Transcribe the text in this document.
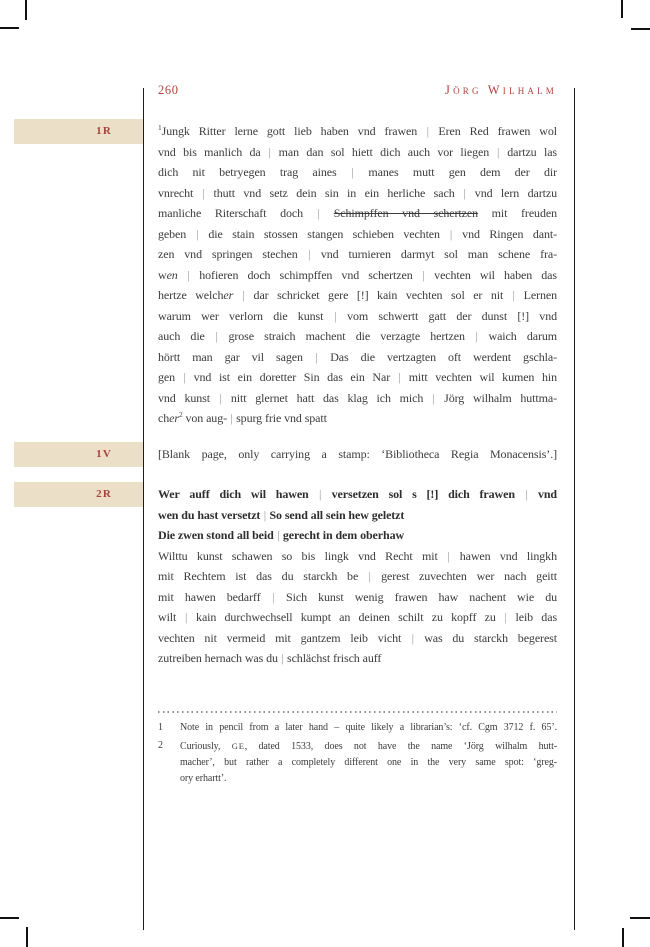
260	Jörg Wilhalm
1R	$^1$Jungk Ritter lerne gott lieb haben vnd frawen | Eren Red frawen wol
vnd bis manlich da | man dan sol hiett dich auch vor liegen | dartzu las
dich nit betryegen trag aines | manes mutt gen dem der dir
vnrecht | thutt vnd setz dein sin in ein herliche sach | vnd lern dartzu
manliche Riterschaft doch | Schimpffen vnd schertzen mit freuden
geben | die stain stossen stangen schieben vechten | vnd Ringen dant-
zen vnd springen stechen | vnd turnieren darmyt sol man schene fra-
wen | hofieren doch schimpffen vnd schertzen | vechten wil haben das
hertze welcher | dar schricket gere [!] kain vechten sol er nit | Lernen
warum wer verlorn die kunst | vom schwertt gatt der dunst [!] vnd
auch die | grose straich machent die verzagte hertzen | waich darum
hörtt man gar vil sagen | Das die vertzagten oft werdent gschla-
gen | vnd ist ein doretter Sin das ein Nar | mitt vechten wil kumen hin
vnd kunst | nitt glernet hatt das klag ich mich | Jörg wilhalm huttma-
cher$^2$ von aug- | spurg frie vnd spatt
1V	[Blank page, only carrying a stamp: ‘Bibliotheca Regia Monacensis’.]
2R	Wer auff dich wil hawen | versetzen sol s [!] dich frawen | vnd
wen du hast versetzt | So send all sein hew geletzt
Die zwen stond all beid | gerecht in dem oberhaw
Wilttu kunst schawen so bis lingk vnd Recht mit | hawen vnd lingkh
mit Rechtem ist das du starckh be | gerest zuvechten wer nach geitt
mit hawen bedarff | Sich kunst wenig frawen haw nachent wie du
wilt | kain durchwechsell kumpt an deinen schilt zu kopff zu | leib das
vechten nit vermeid mit gantzem leib vicht | was du starckh begerest
zutreiben hernach was du | schlächst frisch auff
1	Note in pencil from a later hand – quite likely a librarian’s: ‘cf. Cgm 3712 f. 65’.
2	Curiously, GE, dated 1533, does not have the name ‘Jörg wilhalm hutt-
macher’, but rather a completely different one in the very same spot: ‘greg-
ory erhartt’.
